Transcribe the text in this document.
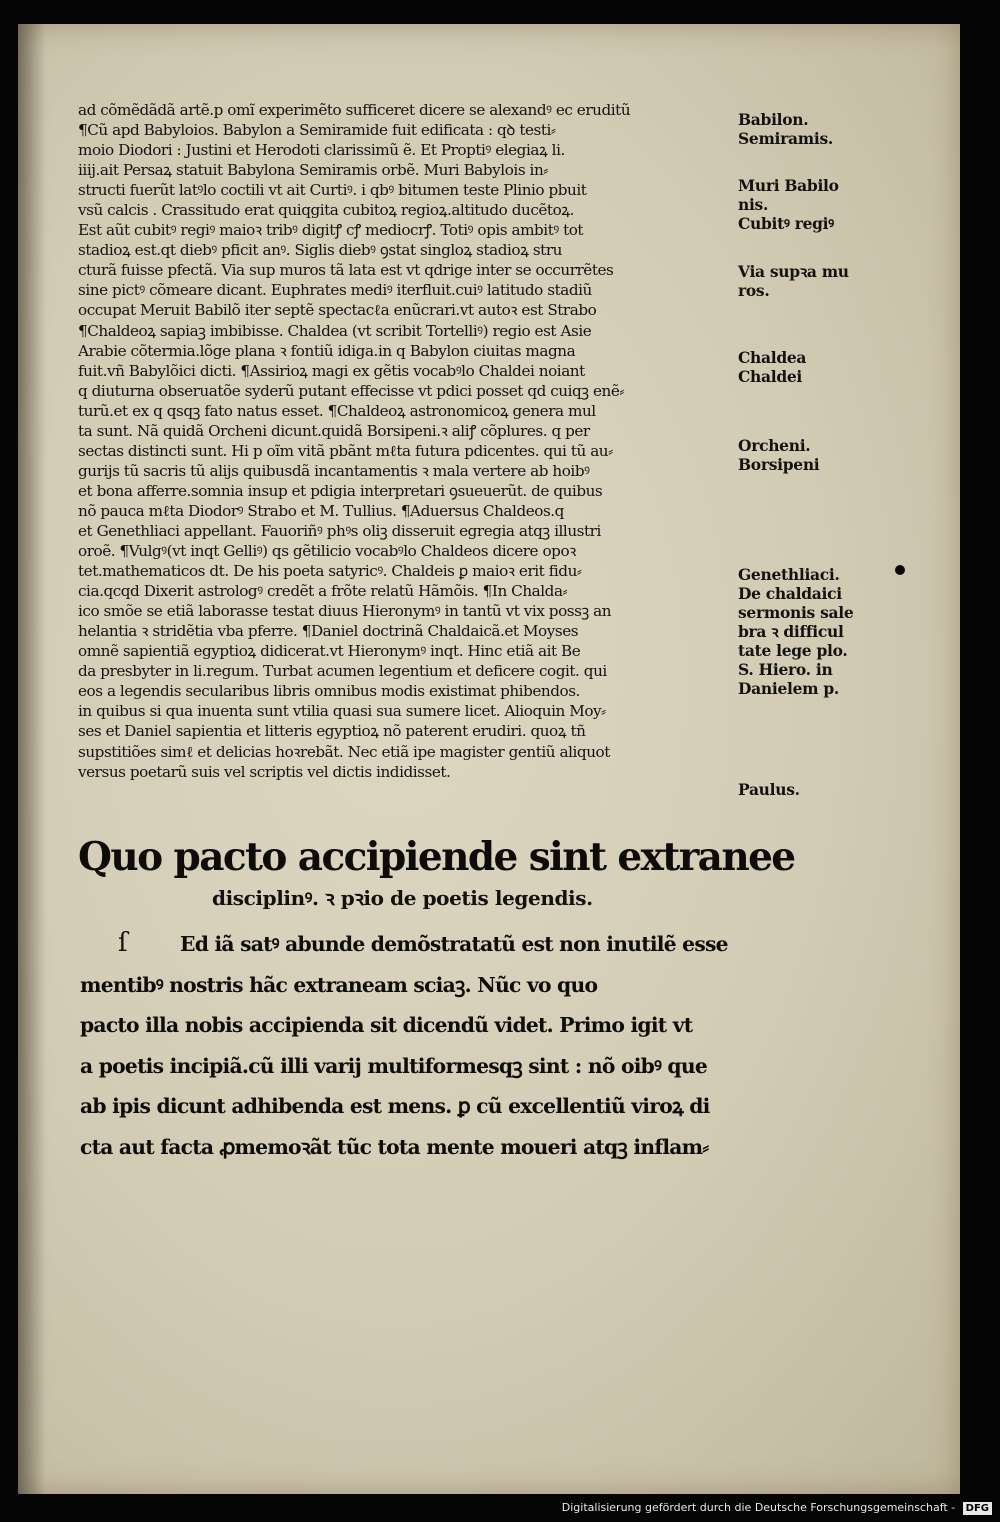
ad cõmẽdãdã artẽ.p omĩ experimẽto sufficeret dicere se alexandꝰ ec eruditũ
¶Cũ apd Babyloios. Babylon a Semiramide fuit edificata : qꝺ testi⸗
moio Diodori : Justini et Herodoti clarissimũ ẽ. Et Proptiꝰ elegiaꝝ li.
iiij.ait Persaꝝ statuit Babylona Semiramis orbẽ. Muri Babylois in⸗
structi fuerũt latꝰlo coctili vt ait Curtiꝰ. i qbꝰ bitumen teste Plinio pbuit
vsũ calcis . Crassitudo erat quiqgita cubitoꝝ regioꝝ.altitudo ducẽtoꝝ.
Est aũt cubitꝰ regiꝰ maioꝛ tribꝰ digitꝭ cꝭ mediocrꝭ. Totiꝰ opis ambitꝰ tot
stadioꝝ est.qt diebꝰ pficit anꝰ. Siglis diebꝰ ꝯstat singloꝝ stadioꝝ stru
cturã fuisse pfectã. Via sup muros tã lata est vt qdrige inter se occurrẽtes
sine pictꝰ cõmeare dicant. Euphrates mediꝰ iterfluit.cuiꝰ latitudo stadiũ
occupat Meruit Babilõ iter septẽ spectacℓa enũcrari.vt autoꝛ est Strabo
¶Chaldeoꝝ sapiaꝫ imbibisse. Chaldea (vt scribit Tortelliꝰ) regio est Asie
Arabie cõtermia.lõge plana ꝛ fontiũ idiga.in q Babylon ciuitas magna
fuit.vñ Babylõici dicti. ¶Assirioꝝ magi ex gẽtis vocabꝰlo Chaldei noiant
q diuturna obseruatõe syderũ putant effecisse vt pdici posset qd cuiqꝫ enẽ⸗
turũ.et ex q qsqꝫ fato natus esset. ¶Chaldeoꝝ astronomicoꝝ genera mul
ta sunt. Nã quidã Orcheni dicunt.quidã Borsipeni.ꝛ aliꝭ cõplures. q per
sectas distincti sunt. Hi p oĩm vitã pbãnt mℓta futura pdicentes. qui tũ au⸗
gurijs tũ sacris tũ alijs quibusdã incantamentis ꝛ mala vertere ab hoibꝰ
et bona afferre.somnia insup et pdigia interpretari ꝯsueuerũt. de quibus
nõ pauca mℓta Diodorꝰ Strabo et M. Tullius. ¶Aduersus Chaldeos.q
et Genethliaci appellant. Fauoriñꝰ phꝰs oliꝫ disseruit egregia atqꝫ illustri
oroẽ. ¶Vulgꝰ(vt inqt Gelliꝰ) qs gẽtilicio vocabꝰlo Chaldeos dicere opoꝛ
tet.mathematicos dt. De his poeta satyricꝰ. Chaldeis ꝑ maioꝛ erit fidu⸗
cia.qcqd Dixerit astrologꝰ credẽt a frõte relatũ Hãmõis. ¶In Chalda⸗
ico smõe se etiã laborasse testat diuus Hieronymꝰ in tantũ vt vix possꝫ an
helantia ꝛ stridẽtia vba pferre. ¶Daniel doctrinã Chaldaicã.et Moyses
omnẽ sapientiã egyptioꝝ didicerat.vt Hieronymꝰ inqt. Hinc etiã ait Be
da presbyter in li.regum. Turbat acumen legentium et deficere cogit. qui
eos a legendis secularibus libris omnibus modis existimat phibendos.
in quibus si qua inuenta sunt vtilia quasi sua sumere licet. Alioquin Moy⸗
ses et Daniel sapientia et litteris egyptioꝝ nõ paterent erudiri. quoꝝ tñ
supstitiões simℓ et delicias hoꝛrebãt. Nec etiã ipe magister gentiũ aliquot
versus poetarũ suis vel scriptis vel dictis indidisset.
Babilon.
Semiramis.
Muri Babilo
nis.
Cubitꝰ regiꝰ
Via supꝛa mu
ros.
Chaldea
Chaldei
Orcheni.
Borsipeni
Genethliaci.
De chaldaici
sermonis sale
bra ꝛ difficul
tate lege plo.
S. Hiero. in
Danielem p.
Paulus.
Quo pacto accipiende sint extranee
disciplinꝰ. ꝛ pꝛio de poetis legendis.
ſ	Ed iã satꝰ abunde demõstratatũ est non inutilẽ esse
mentibꝰ nostris hãc extraneam sciaꝫ. Nũc vo quo
pacto illa nobis accipienda sit dicendũ videt. Primo igit vt
a poetis incipiã.cũ illi varij multiformesqꝫ sint : nõ oibꝰ que
ab ipis dicunt adhibenda est mens. ꝑ cũ excellentiũ viroꝝ di
cta aut facta ꝓmemoꝛãt tũc tota mente moueri atqꝫ inflam⸗
Digitalisierung gefördert durch die Deutsche Forschungsgemeinschaft - DFG
